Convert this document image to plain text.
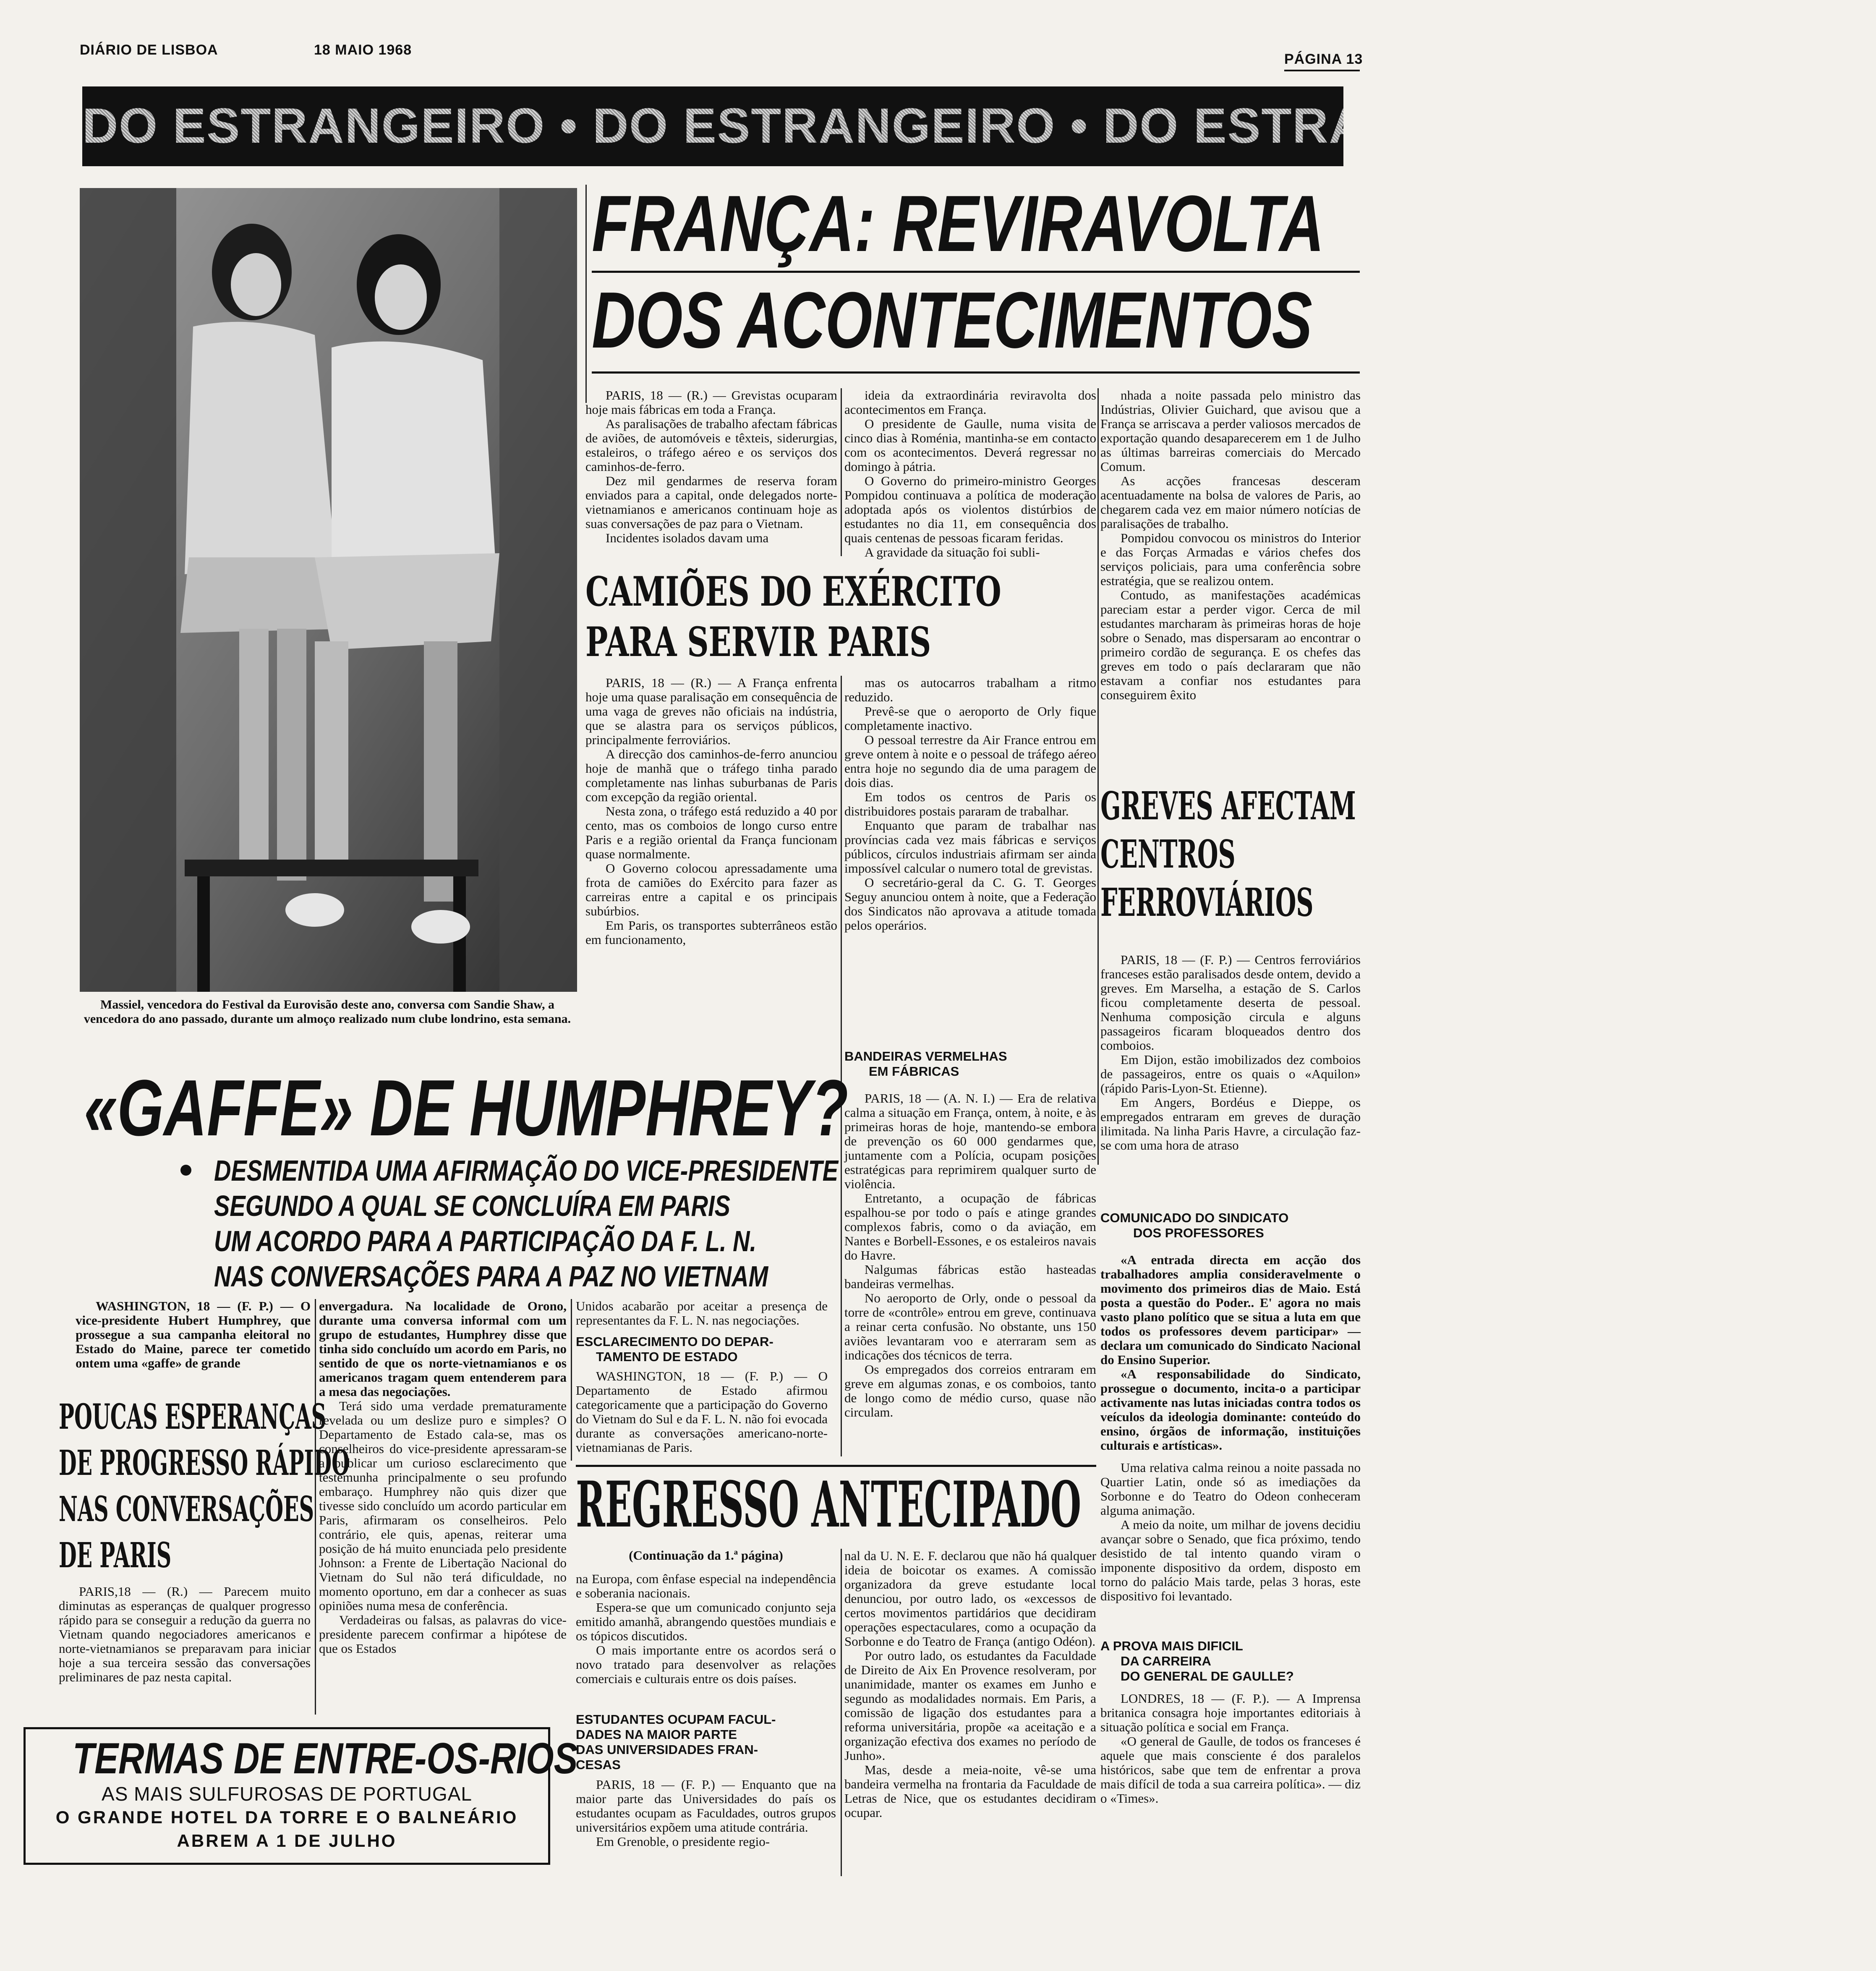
DIÁRIO DE LISBOA	18 MAIO 1968
PÁGINA 13
DO ESTRANGEIRO • DO ESTRANGEIRO • DO ESTRANGEIRO • DO ESTRA
Massiel, vencedora do Festival da Eurovisão deste ano, conversa com Sandie Shaw, a vencedora do ano passado, durante um almoço realizado num clube londrino, esta semana.
FRANÇA: REVIRAVOLTA
DOS ACONTECIMENTOS

PARIS, 18 — (R.) — Grevistas ocuparam hoje mais fábricas em toda a França.

As paralisações de trabalho afectam fábricas de aviões, de automóveis e têxteis, siderurgias, estaleiros, o tráfego aéreo e os serviços dos caminhos-de-ferro.

Dez mil gendarmes de reserva foram enviados para a capital, onde delegados norte-vietnamianos e americanos continuam hoje as suas conversações de paz para o Vietnam.

Incidentes isolados davam uma

ideia da extraordinária reviravolta dos acontecimentos em França.

O presidente de Gaulle, numa visita de cinco dias à Roménia, mantinha-se em contacto com os acontecimentos. Deverá regressar no domingo à pátria.

O Governo do primeiro-ministro Georges Pompidou continuava a política de moderação adoptada após os violentos distúrbios de estudantes no dia 11, em consequência dos quais centenas de pessoas ficaram feridas.

A gravidade da situação foi subli-

nhada a noite passada pelo ministro das Indústrias, Olivier Guichard, que avisou que a França se arriscava a perder valiosos mercados de exportação quando desaparecerem em 1 de Julho as últimas barreiras comerciais do Mercado Comum.

As acções francesas desceram acentuadamente na bolsa de valores de Paris, ao chegarem cada vez em maior número notícias de paralisações de trabalho.

Pompidou convocou os ministros do Interior e das Forças Armadas e vários chefes dos serviços policiais, para uma conferência sobre estratégia, que se realizou ontem.

Contudo, as manifestações académicas pareciam estar a perder vigor. Cerca de mil estudantes marcharam às primeiras horas de hoje sobre o Senado, mas dispersaram ao encontrar o primeiro cordão de segurança. E os chefes das greves em todo o país declararam que não estavam a confiar nos estudantes para conseguirem êxito

CAMIÕES DO EXÉRCITO
PARA SERVIR PARIS

PARIS, 18 — (R.) — A França enfrenta hoje uma quase paralisação em consequência de uma vaga de greves não oficiais na indústria, que se alastra para os serviços públicos, principalmente ferroviários.

A direcção dos caminhos-de-ferro anunciou hoje de manhã que o tráfego tinha parado completamente nas linhas suburbanas de Paris com excepção da região oriental.

Nesta zona, o tráfego está reduzido a 40 por cento, mas os comboios de longo curso entre Paris e a região oriental da França funcionam quase normalmente.

O Governo colocou apressadamente uma frota de camiões do Exército para fazer as carreiras entre a capital e os principais subúrbios.

Em Paris, os transportes subterrâneos estão em funcionamento,

mas os autocarros trabalham a ritmo reduzido.

Prevê-se que o aeroporto de Orly fique completamente inactivo.

O pessoal terrestre da Air France entrou em greve ontem à noite e o pessoal de tráfego aéreo entra hoje no segundo dia de uma paragem de dois dias.

Em todos os centros de Paris os distribuidores postais pararam de trabalhar.

Enquanto que param de trabalhar nas províncias cada vez mais fábricas e serviços públicos, círculos industriais afirmam ser ainda impossível calcular o numero total de grevistas.

O secretário-geral da C. G. T. Georges Seguy anunciou ontem à noite, que a Federação dos Sindicatos não aprovava a atitude tomada pelos operários.

BANDEIRAS VERMELHAS
EM FÁBRICAS

PARIS, 18 — (A. N. I.) — Era de relativa calma a situação em França, ontem, à noite, e às primeiras horas de hoje, mantendo-se embora de prevenção os 60 000 gendarmes que, juntamente com a Polícia, ocupam posições estratégicas para reprimirem qualquer surto de violência.

Entretanto, a ocupação de fábricas espalhou-se por todo o país e atinge grandes complexos fabris, como o da aviação, em Nantes e Borbell-Essones, e os estaleiros navais do Havre.

Nalgumas fábricas estão hasteadas bandeiras vermelhas.

No aeroporto de Orly, onde o pessoal da torre de «contrôle» entrou em greve, continuava a reinar certa confusão. No obstante, uns 150 aviões levantaram voo e aterraram sem as indicações dos técnicos de terra.

Os empregados dos correios entraram em greve em algumas zonas, e os comboios, tanto de longo como de médio curso, quase não circulam.

GREVES AFECTAM
CENTROS
FERROVIÁRIOS

PARIS, 18 — (F. P.) — Centros ferroviários franceses estão paralisados desde ontem, devido a greves. Em Marselha, a estação de S. Carlos ficou completamente deserta de pessoal. Nenhuma composição circula e alguns passageiros ficaram bloqueados dentro dos comboios.

Em Dijon, estão imobilizados dez comboios de passageiros, entre os quais o «Aquilon» (rápido Paris-Lyon-St. Etienne).

Em Angers, Bordéus e Dieppe, os empregados entraram em greves de duração ilimitada. Na linha Paris Havre, a circulação faz-se com uma hora de atraso

COMUNICADO DO SINDICATO
DOS PROFESSORES

«A entrada directa em acção dos trabalhadores amplia consideravelmente o movimento dos primeiros dias de Maio. Está posta a questão do Poder.. E' agora no mais vasto plano político que se situa a luta em que todos os professores devem participar» — declara um comunicado do Sindicato Nacional do Ensino Superior.

«A responsabilidade do Sindicato, prossegue o documento, incita-o a participar activamente nas lutas iniciadas contra todos os veículos da ideologia dominante: conteúdo do ensino, órgãos de informação, instituições culturais e artísticas».

Uma relativa calma reinou a noite passada no Quartier Latin, onde só as imediações da Sorbonne e do Teatro do Odeon conheceram alguma animação.

A meio da noite, um milhar de jovens decidiu avançar sobre o Senado, que fica próximo, tendo desistido de tal intento quando viram o imponente dispositivo da ordem, disposto em torno do palácio Mais tarde, pelas 3 horas, este dispositivo foi levantado.

A PROVA MAIS DIFICIL
DA CARREIRA
DO GENERAL DE GAULLE?

LONDRES, 18 — (F. P.). — A Imprensa britanica consagra hoje importantes editoriais à situação política e social em França.

«O general de Gaulle, de todos os franceses é aquele que mais consciente é dos paralelos históricos, sabe que tem de enfrentar a prova mais difícil de toda a sua carreira política». — diz o «Times».

«GAFFE» DE HUMPHREY?
DESMENTIDA UMA AFIRMAÇÃO DO VICE-PRESIDENTE
SEGUNDO A QUAL SE CONCLUÍRA EM PARIS
UM ACORDO PARA A PARTICIPAÇÃO DA F. L. N.
NAS CONVERSAÇÕES PARA A PAZ NO VIETNAM

WASHINGTON, 18 — (F. P.) — O vice-presidente Hubert Humphrey, que prossegue a sua campanha eleitoral no Estado do Maine, parece ter cometido ontem uma «gaffe» de grande

envergadura. Na localidade de Orono, durante uma conversa informal com um grupo de estudantes, Humphrey disse que tinha sido concluído um acordo em Paris, no sentido de que os norte-vietnamianos e os americanos tragam quem entenderem para a mesa das negociações.

Terá sido uma verdade prematuramente revelada ou um deslize puro e simples? O Departamento de Estado cala-se, mas os conselheiros do vice-presidente apressaram-se a publicar um curioso esclarecimento que testemunha principalmente o seu profundo embaraço. Humphrey não quis dizer que tivesse sido concluído um acordo particular em Paris, afirmaram os conselheiros. Pelo contrário, ele quis, apenas, reiterar uma posição de há muito enunciada pelo presidente Johnson: a Frente de Libertação Nacional do Vietnam do Sul não terá dificuldade, no momento oportuno, em dar a conhecer as suas opiniões numa mesa de conferência.

Verdadeiras ou falsas, as palavras do vice-presidente parecem confirmar a hipótese de que os Estados

Unidos acabarão por aceitar a presença de representantes da F. L. N. nas negociações.

ESCLARECIMENTO DO DEPAR-
TAMENTO DE ESTADO

WASHINGTON, 18 — (F. P.) — O Departamento de Estado afirmou categoricamente que a participação do Governo do Vietnam do Sul e da F. L. N. não foi evocada durante as conversações americano-norte-vietnamianas de Paris.

POUCAS ESPERANÇAS
DE PROGRESSO RÁPIDO
NAS CONVERSAÇÕES
DE PARIS

PARIS,18 — (R.) — Parecem muito diminutas as esperanças de qualquer progresso rápido para se conseguir a redução da guerra no Vietnam quando negociadores americanos e norte-vietnamianos se preparavam para iniciar hoje a sua terceira sessão das conversações preliminares de paz nesta capital.

REGRESSO ANTECIPADO
(Continuação da 1.ª página)

na Europa, com ênfase especial na independência e soberania nacionais.

Espera-se que um comunicado conjunto seja emitido amanhã, abrangendo questões mundiais e os tópicos discutidos.

O mais importante entre os acordos será o novo tratado para desenvolver as relações comerciais e culturais entre os dois países.

ESTUDANTES OCUPAM FACUL-
DADES NA MAIOR PARTE
DAS UNIVERSIDADES FRAN-
CESAS

PARIS, 18 — (F. P.) — Enquanto que na maior parte das Universidades do país os estudantes ocupam as Faculdades, outros grupos universitários expõem uma atitude contrária.

Em Grenoble, o presidente regio-

nal da U. N. E. F. declarou que não há qualquer ideia de boicotar os exames. A comissão organizadora da greve estudante local denunciou, por outro lado, os «excessos de certos movimentos partidários que decidiram operações espectaculares, como a ocupação da Sorbonne e do Teatro de França (antigo Odéon).

Por outro lado, os estudantes da Faculdade de Direito de Aix En Provence resolveram, por unanimidade, manter os exames em Junho e segundo as modalidades normais. Em Paris, a comissão de ligação dos estudantes para a reforma universitária, propõe «a aceitação e a organização efectiva dos exames no período de Junho».

Mas, desde a meia-noite, vê-se uma bandeira vermelha na frontaria da Faculdade de Letras de Nice, que os estudantes decidiram ocupar.

TERMAS DE ENTRE-OS-RIOS
AS MAIS SULFUROSAS DE PORTUGAL
O GRANDE HOTEL DA TORRE E O BALNEÁRIO
ABREM A 1 DE JULHO
